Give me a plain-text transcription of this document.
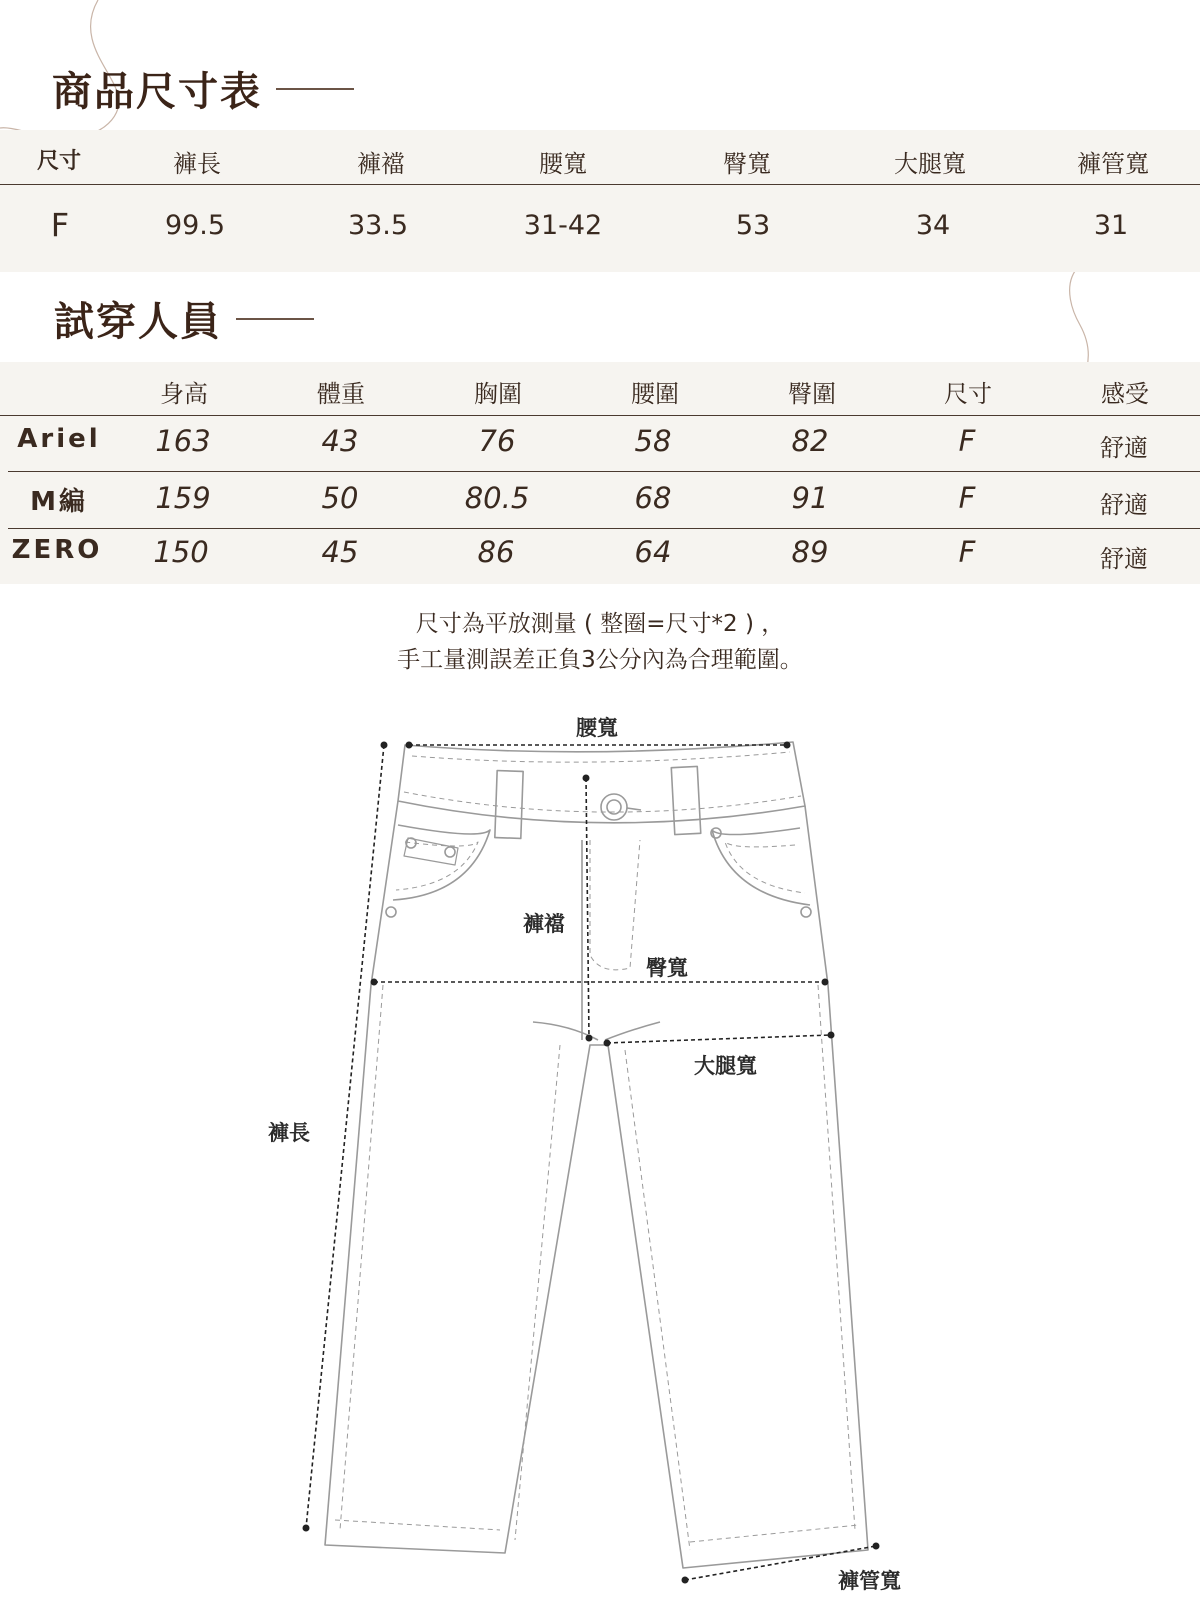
商品尺寸表
尺寸	褲長	褲襠	腰寬	臀寬	大腿寬	褲管寬
F	99.5	33.5	31-42	53	34	31
試穿人員
身高	體重	胸圍	腰圍	臀圍	尺寸	感受
Ariel 163	43	76	58	82	F	舒適
M編 159	50	80.5	68	91	F	舒適
ZERO 150	45	86	64	89	F	舒適
尺寸為平放測量 ( 整圈=尺寸*2 ) ，
手工量測誤差正負3公分內為合理範圍。
腰寬
褲襠
臀寬
大腿寬
褲長
褲管寬
